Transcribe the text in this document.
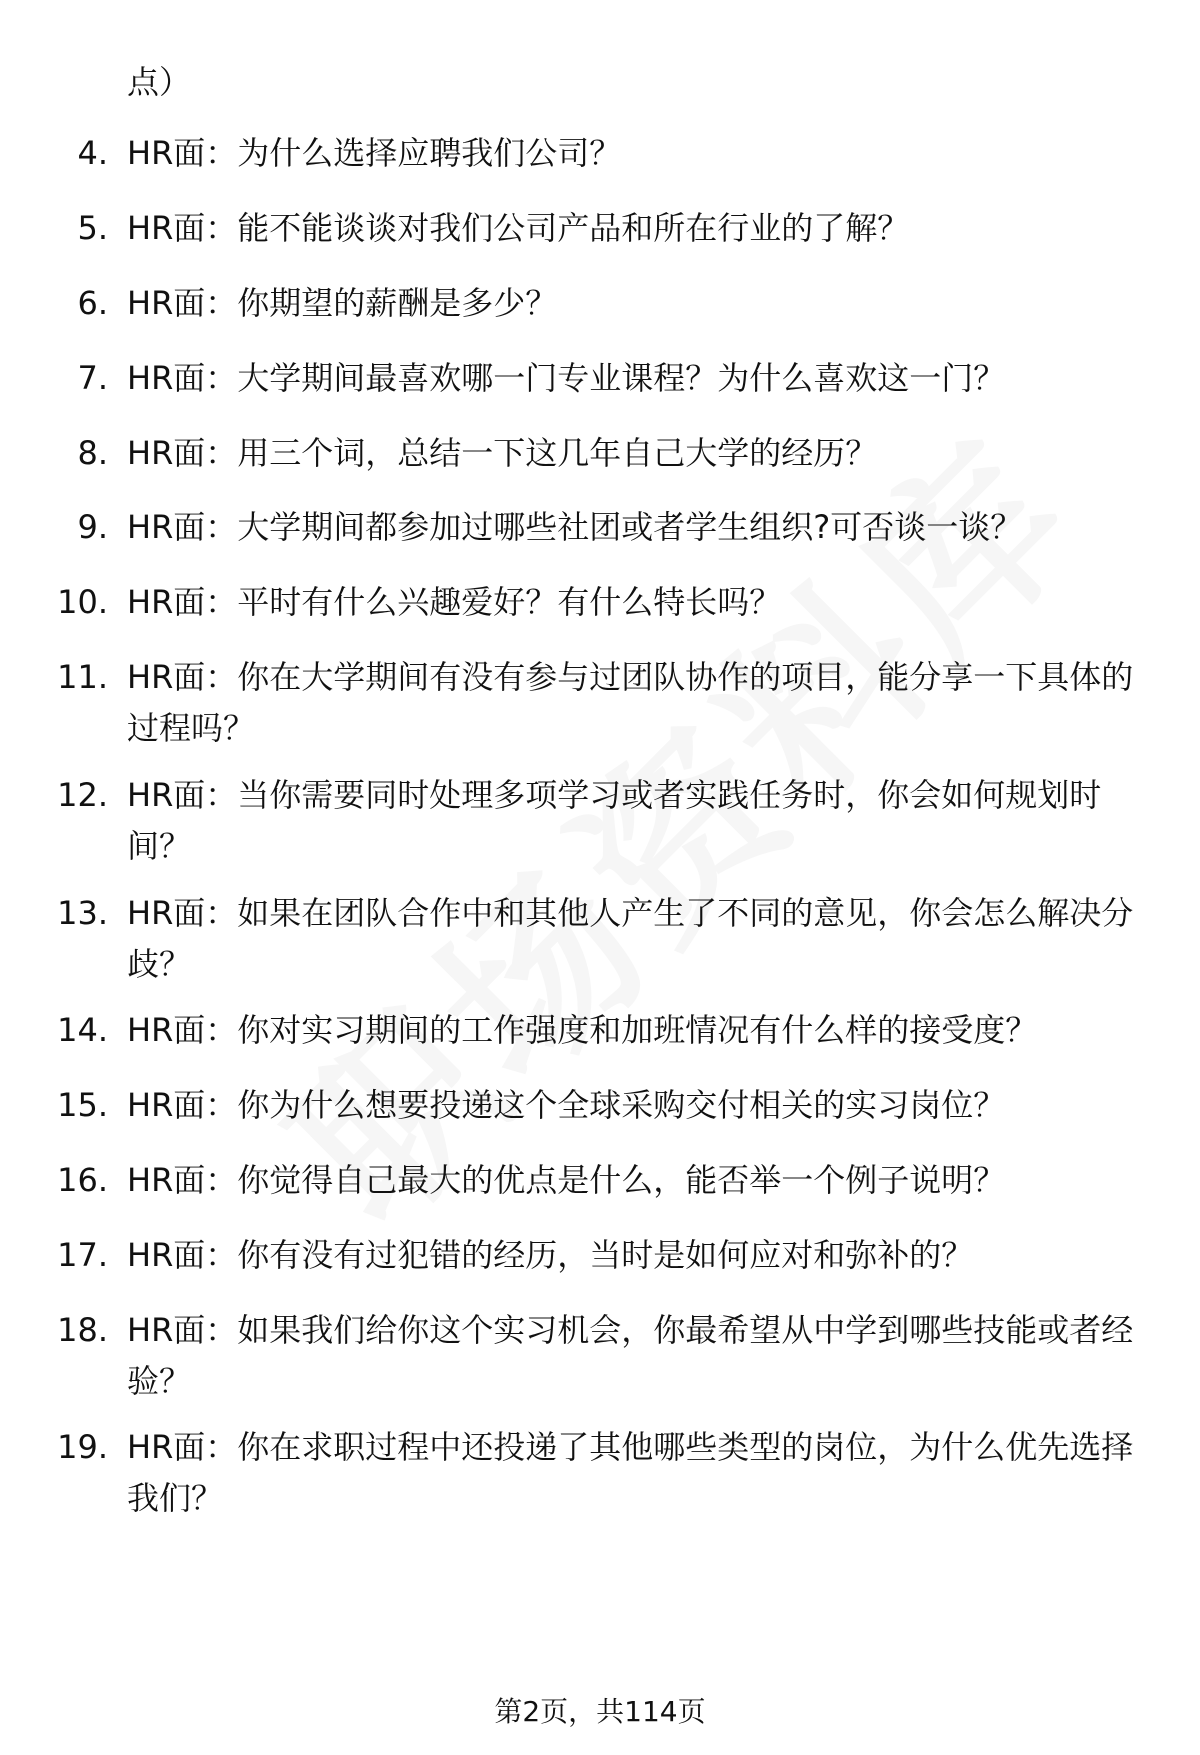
点）
4. HR面：为什么选择应聘我们公司？
5. HR面：能不能谈谈对我们公司产品和所在行业的了解？
6. HR面：你期望的薪酬是多少？
7. HR面：大学期间最喜欢哪一门专业课程？为什么喜欢这一门？
8. HR面：用三个词，总结一下这几年自己大学的经历？
9. HR面：大学期间都参加过哪些社团或者学生组织?可否谈一谈？
10. HR面：平时有什么兴趣爱好？有什么特长吗？
11. HR面：你在大学期间有没有参与过团队协作的项目，能分享一下具体的过程吗？
12. HR面：当你需要同时处理多项学习或者实践任务时，你会如何规划时间？
13. HR面：如果在团队合作中和其他人产生了不同的意见，你会怎么解决分歧？
14. HR面：你对实习期间的工作强度和加班情况有什么样的接受度？
15. HR面：你为什么想要投递这个全球采购交付相关的实习岗位？
16. HR面：你觉得自己最大的优点是什么，能否举一个例子说明？
17. HR面：你有没有过犯错的经历，当时是如何应对和弥补的？
18. HR面：如果我们给你这个实习机会，你最希望从中学到哪些技能或者经验？
19. HR面：你在求职过程中还投递了其他哪些类型的岗位，为什么优先选择我们？
第2页，共114页
